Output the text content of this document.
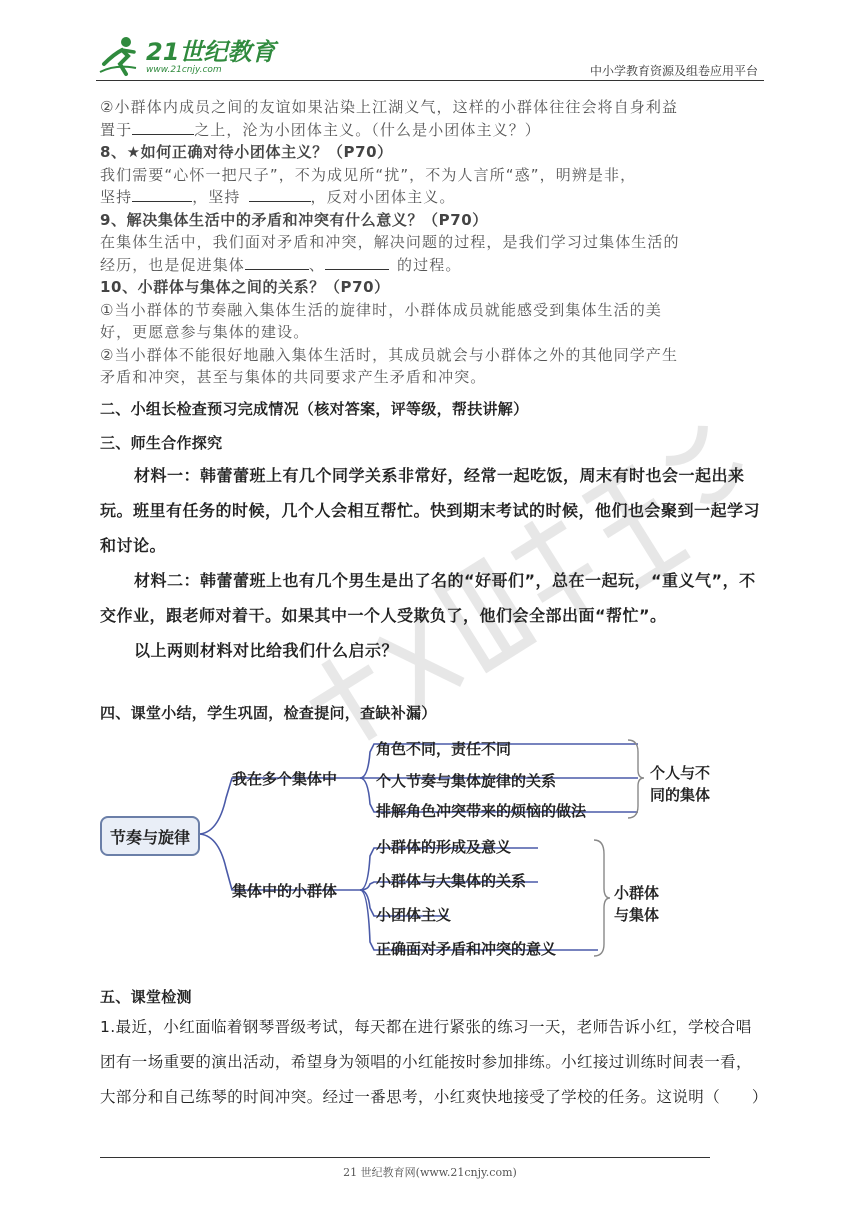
21世纪教育
www.21cnjy.com	中小学教育资源及组卷应用平台

②小群体内成员之间的友谊如果沾染上江湖义气，这样的小群体往往会将自身利益

置于	之上，沦为小团体主义。（什么是小团体主义？）

8、★如何正确对待小团体主义？（P70）

我们需要“心怀一把尺子”，不为成见所“扰”，不为人言所“惑”，明辨是非，

坚持	，坚持	，反对小团体主义。

9、解决集体生活中的矛盾和冲突有什么意义？（P70）

在集体生活中，我们面对矛盾和冲突，解决问题的过程，是我们学习过集体生活的

经历，也是促进集体	、	的过程。

10、小群体与集体之间的关系？（P70）

①当小群体的节奏融入集体生活的旋律时，小群体成员就能感受到集体生活的美

好，更愿意参与集体的建设。

②当小群体不能很好地融入集体生活时，其成员就会与小群体之外的其他同学产生

矛盾和冲突，甚至与集体的共同要求产生矛盾和冲突。

二、小组长检查预习完成情况（核对答案，评等级，帮扶讲解）
三、师生合作探究
材料一：韩蕾蕾班上有几个同学关系非常好，经常一起吃饭，周末有时也会一起出来玩。班里有任务的时候，几个人会相互帮忙。快到期末考试的时候，他们也会聚到一起学习和讨论。
材料二：韩蕾蕾班上也有几个男生是出了名的“好哥们”，总在一起玩，“重义气”，不交作业，跟老师对着干。如果其中一个人受欺负了，他们会全部出面“帮忙”。
以上两则材料对比给我们什么启示？
四、课堂小结，学生巩固，检查提问，查缺补漏）
节奏与旋律
我在多个集体中
角色不同，责任不同
个人节奏与集体旋律的关系
排解角色冲突带来的烦恼的做法
个人与不
同的集体
集体中的小群体
小群体的形成及意义
小群体与大集体的关系
小团体主义
正确面对矛盾和冲突的意义
小群体
与集体
五、课堂检测
1.最近，小红面临着钢琴晋级考试，每天都在进行紧张的练习一天，老师告诉小红，学校合唱团有一场重要的演出活动，希望身为领唱的小红能按时参加排练。小红接过训练时间表一看，大部分和自己练琴的时间冲突。经过一番思考，小红爽快地接受了学校的任务。这说明（　　）
21 世纪教育网(www.21cnjy.com)
